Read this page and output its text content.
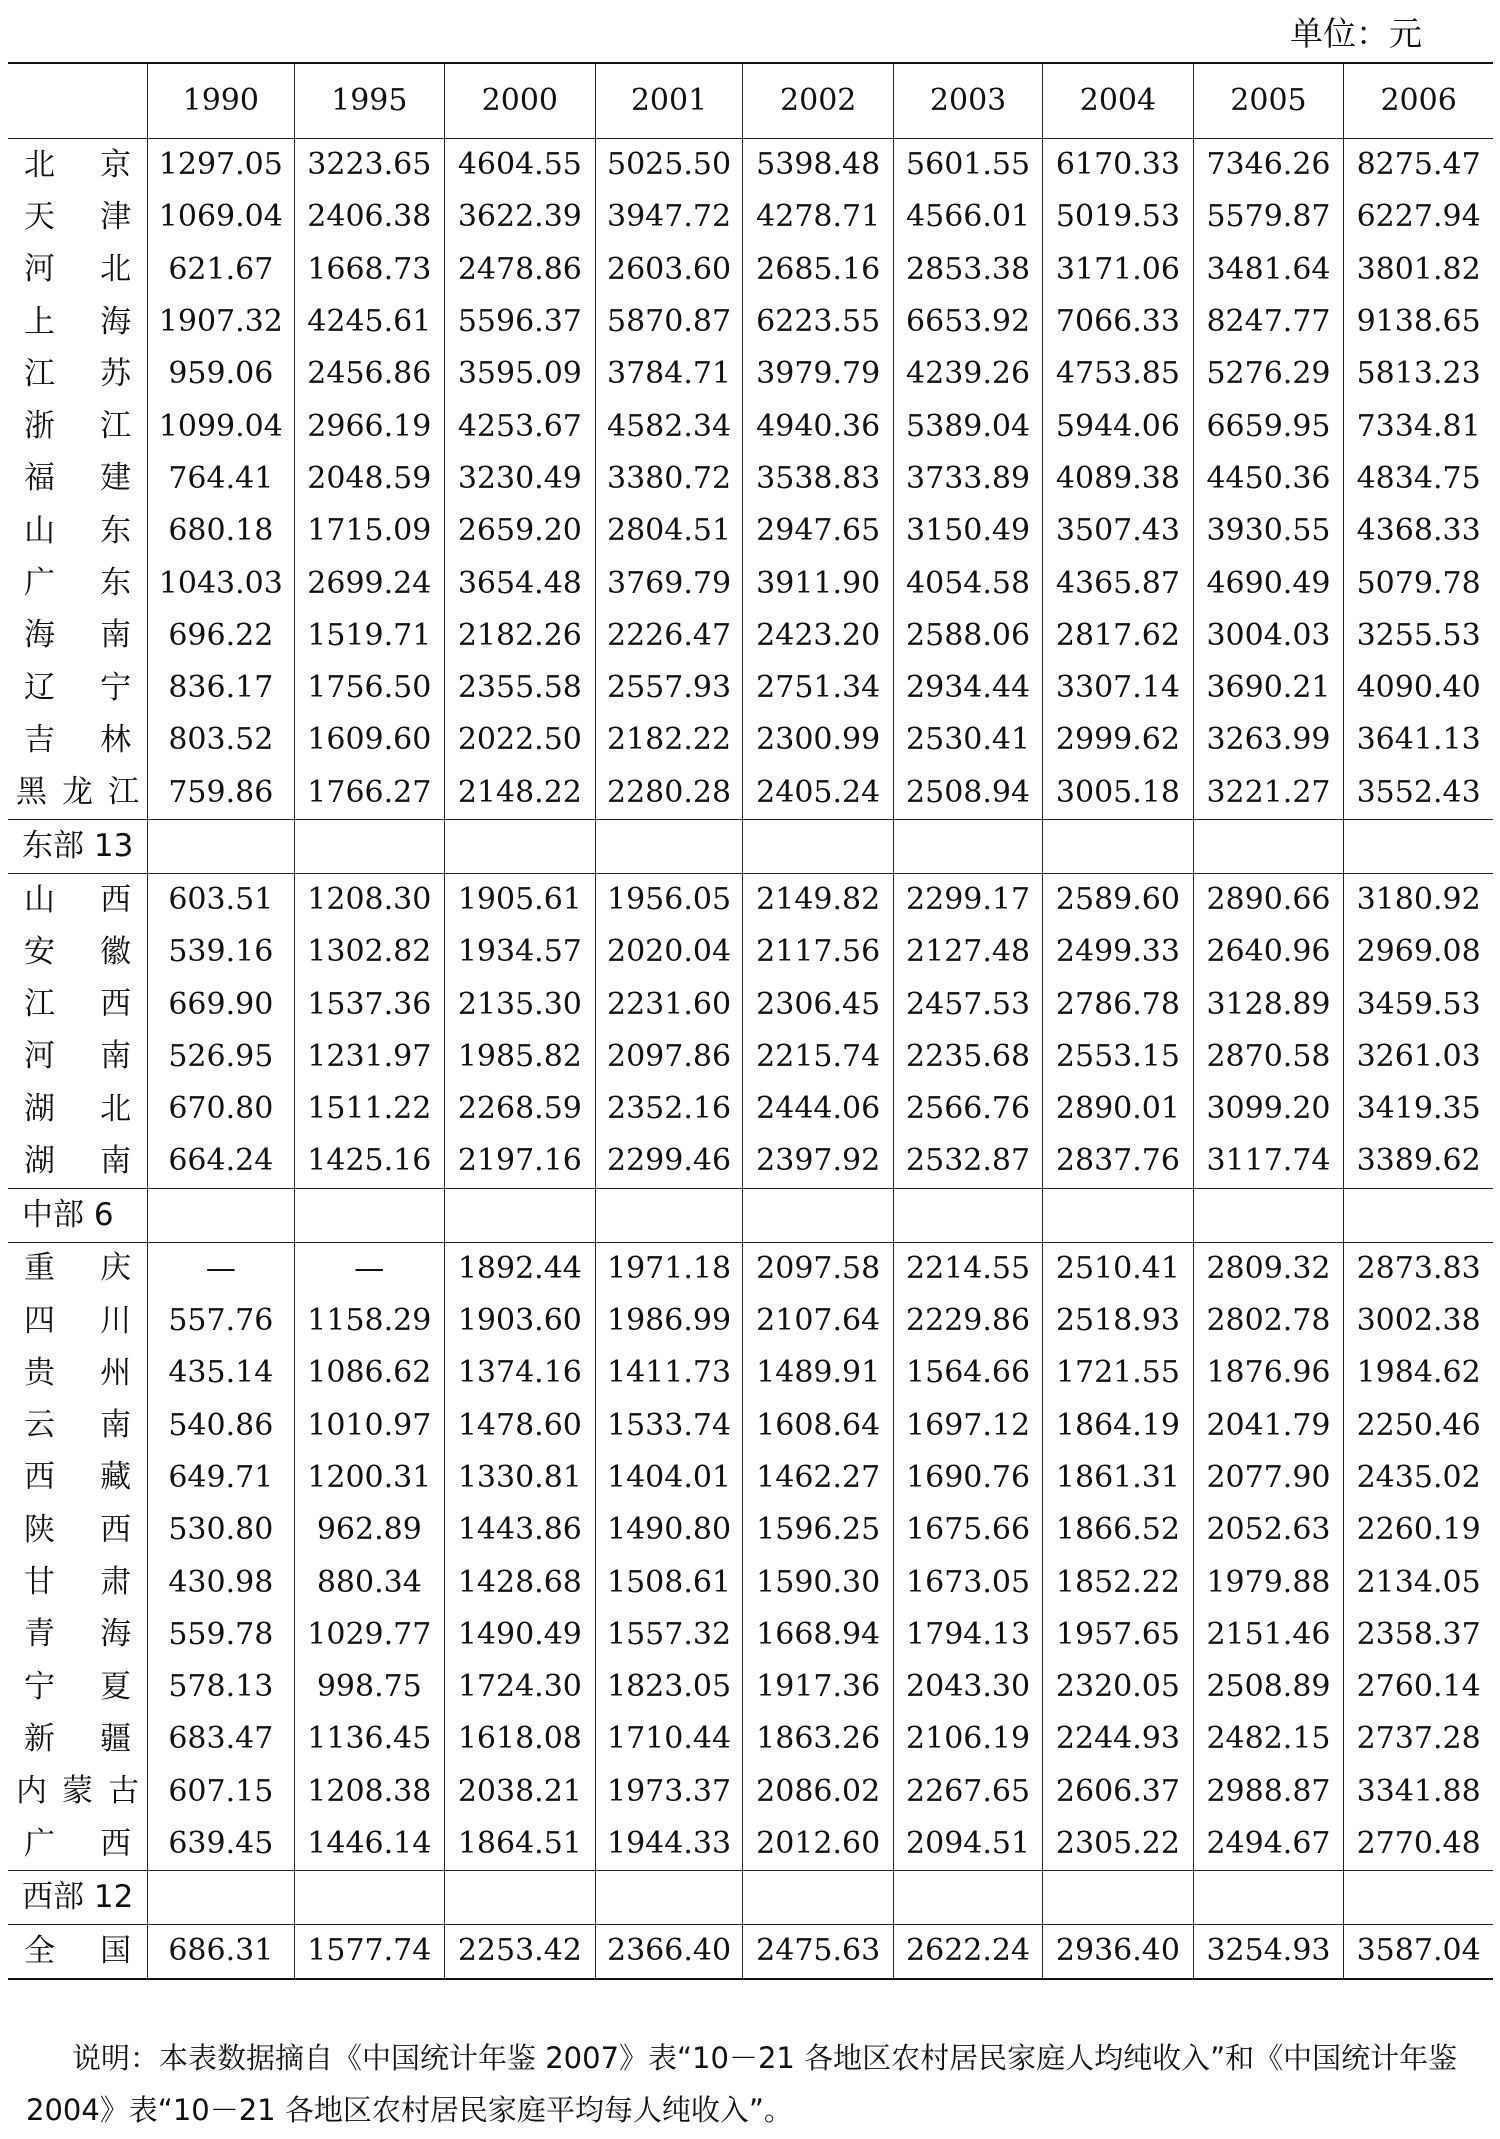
单位：元
	1990	1995	2000	2001	2002	2003	2004	2005	2006
北　京	1297.05	3223.65	4604.55	5025.50	5398.48	5601.55	6170.33	7346.26	8275.47
天　津	1069.04	2406.38	3622.39	3947.72	4278.71	4566.01	5019.53	5579.87	6227.94
河　北	621.67	1668.73	2478.86	2603.60	2685.16	2853.38	3171.06	3481.64	3801.82
上　海	1907.32	4245.61	5596.37	5870.87	6223.55	6653.92	7066.33	8247.77	9138.65
江　苏	959.06	2456.86	3595.09	3784.71	3979.79	4239.26	4753.85	5276.29	5813.23
浙　江	1099.04	2966.19	4253.67	4582.34	4940.36	5389.04	5944.06	6659.95	7334.81
福　建	764.41	2048.59	3230.49	3380.72	3538.83	3733.89	4089.38	4450.36	4834.75
山　东	680.18	1715.09	2659.20	2804.51	2947.65	3150.49	3507.43	3930.55	4368.33
广　东	1043.03	2699.24	3654.48	3769.79	3911.90	4054.58	4365.87	4690.49	5079.78
海　南	696.22	1519.71	2182.26	2226.47	2423.20	2588.06	2817.62	3004.03	3255.53
辽　宁	836.17	1756.50	2355.58	2557.93	2751.34	2934.44	3307.14	3690.21	4090.40
吉　林	803.52	1609.60	2022.50	2182.22	2300.99	2530.41	2999.62	3263.99	3641.13
黑龙江	759.86	1766.27	2148.22	2280.28	2405.24	2508.94	3005.18	3221.27	3552.43
东部 13									
山　西	603.51	1208.30	1905.61	1956.05	2149.82	2299.17	2589.60	2890.66	3180.92
安　徽	539.16	1302.82	1934.57	2020.04	2117.56	2127.48	2499.33	2640.96	2969.08
江　西	669.90	1537.36	2135.30	2231.60	2306.45	2457.53	2786.78	3128.89	3459.53
河　南	526.95	1231.97	1985.82	2097.86	2215.74	2235.68	2553.15	2870.58	3261.03
湖　北	670.80	1511.22	2268.59	2352.16	2444.06	2566.76	2890.01	3099.20	3419.35
湖　南	664.24	1425.16	2197.16	2299.46	2397.92	2532.87	2837.76	3117.74	3389.62
中部 6									
重　庆	—	—	1892.44	1971.18	2097.58	2214.55	2510.41	2809.32	2873.83
四　川	557.76	1158.29	1903.60	1986.99	2107.64	2229.86	2518.93	2802.78	3002.38
贵　州	435.14	1086.62	1374.16	1411.73	1489.91	1564.66	1721.55	1876.96	1984.62
云　南	540.86	1010.97	1478.60	1533.74	1608.64	1697.12	1864.19	2041.79	2250.46
西　藏	649.71	1200.31	1330.81	1404.01	1462.27	1690.76	1861.31	2077.90	2435.02
陕　西	530.80	962.89	1443.86	1490.80	1596.25	1675.66	1866.52	2052.63	2260.19
甘　肃	430.98	880.34	1428.68	1508.61	1590.30	1673.05	1852.22	1979.88	2134.05
青　海	559.78	1029.77	1490.49	1557.32	1668.94	1794.13	1957.65	2151.46	2358.37
宁　夏	578.13	998.75	1724.30	1823.05	1917.36	2043.30	2320.05	2508.89	2760.14
新　疆	683.47	1136.45	1618.08	1710.44	1863.26	2106.19	2244.93	2482.15	2737.28
内蒙古	607.15	1208.38	2038.21	1973.37	2086.02	2267.65	2606.37	2988.87	3341.88
广　西	639.45	1446.14	1864.51	1944.33	2012.60	2094.51	2305.22	2494.67	2770.48
西部 12									
全　国	686.31	1577.74	2253.42	2366.40	2475.63	2622.24	2936.40	3254.93	3587.04

说明：本表数据摘自《中国统计年鉴 2007》表“10－21 各地区农村居民家庭人均纯收入”和《中国统计年鉴 2004》表“10－21 各地区农村居民家庭平均每人纯收入”。
